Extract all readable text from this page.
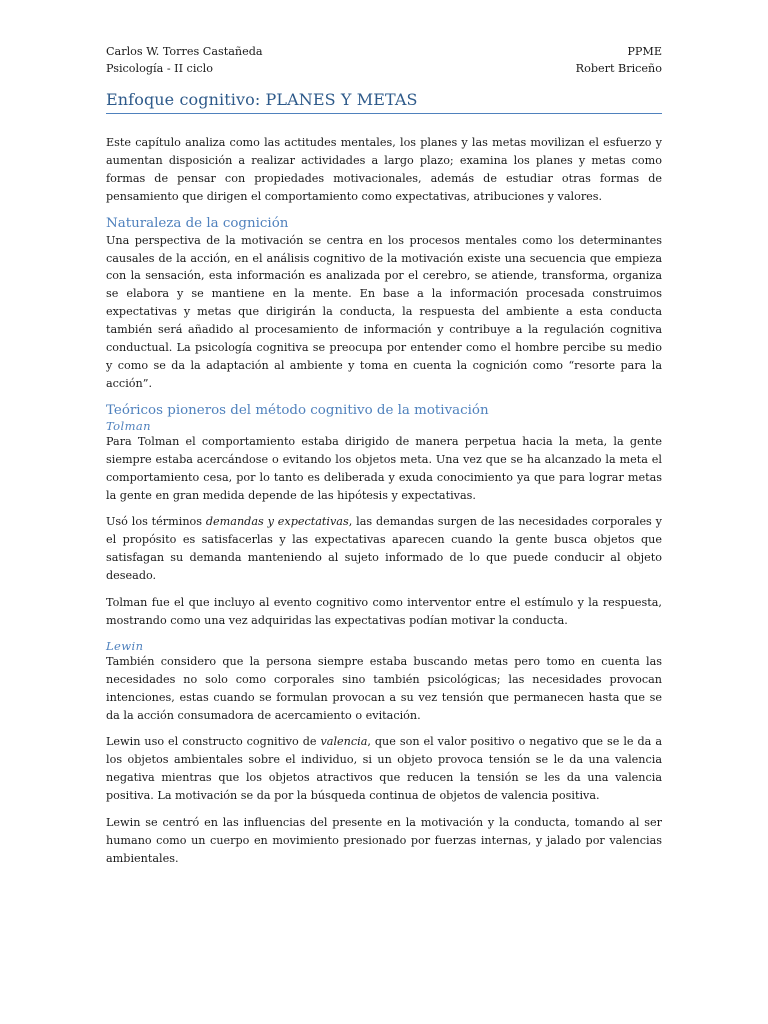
Carlos W. Torres Castañeda
Psicología - II ciclo
PPME
Robert Briceño
Enfoque cognitivo: PLANES Y METAS

Este capítulo analiza como las actitudes mentales, los planes y las metas movilizan el esfuerzo y aumentan disposición a realizar actividades a largo plazo; examina los planes y metas como formas de pensar con propiedades motivacionales, además de estudiar otras formas de pensamiento que dirigen el comportamiento como expectativas, atribuciones y valores.

Naturaleza de la cognición

Una perspectiva de la motivación se centra en los procesos mentales como los determinantes causales de la acción, en el análisis cognitivo de la motivación existe una secuencia que empieza con la sensación, esta información es analizada por el cerebro, se atiende, transforma, organiza se elabora y se mantiene en la mente. En base a la información procesada construimos expectativas y metas que dirigirán la conducta, la respuesta del ambiente a esta conducta también será añadido al procesamiento de información y contribuye a la regulación cognitiva conductual. La psicología cognitiva se preocupa por entender como el hombre percibe su medio y como se da la adaptación al ambiente y toma en cuenta la cognición como “resorte para la acción”.

Teóricos pioneros del método cognitivo de la motivación
Tolman

Para Tolman el comportamiento estaba dirigido de manera perpetua hacia la meta, la gente siempre estaba acercándose o evitando los objetos meta. Una vez que se ha alcanzado la meta el comportamiento cesa, por lo tanto es deliberada y exuda conocimiento ya que para lograr metas la gente en gran medida depende de las hipótesis y expectativas.

Usó los términos demandas y expectativas, las demandas surgen de las necesidades corporales y el propósito es satisfacerlas y las expectativas aparecen cuando la gente busca objetos que satisfagan su demanda manteniendo al sujeto informado de lo que puede conducir al objeto deseado.

Tolman fue el que incluyo al evento cognitivo como interventor entre el estímulo y la respuesta, mostrando como una vez adquiridas las expectativas podían motivar la conducta.

Lewin

También considero que la persona siempre estaba buscando metas pero tomo en cuenta las necesidades no solo como corporales sino también psicológicas; las necesidades provocan intenciones, estas cuando se formulan provocan a su vez tensión que permanecen hasta que se da la acción consumadora de acercamiento o evitación.

Lewin uso el constructo cognitivo de valencia, que son el valor positivo o negativo que se le da a los objetos ambientales sobre el individuo, si un objeto provoca tensión se le da una valencia negativa mientras que los objetos atractivos que reducen la tensión se les da una valencia positiva. La motivación se da por la búsqueda continua de objetos de valencia positiva.

Lewin se centró en las influencias del presente en la motivación y la conducta, tomando al ser humano como un cuerpo en movimiento presionado por fuerzas internas, y jalado por valencias ambientales.
